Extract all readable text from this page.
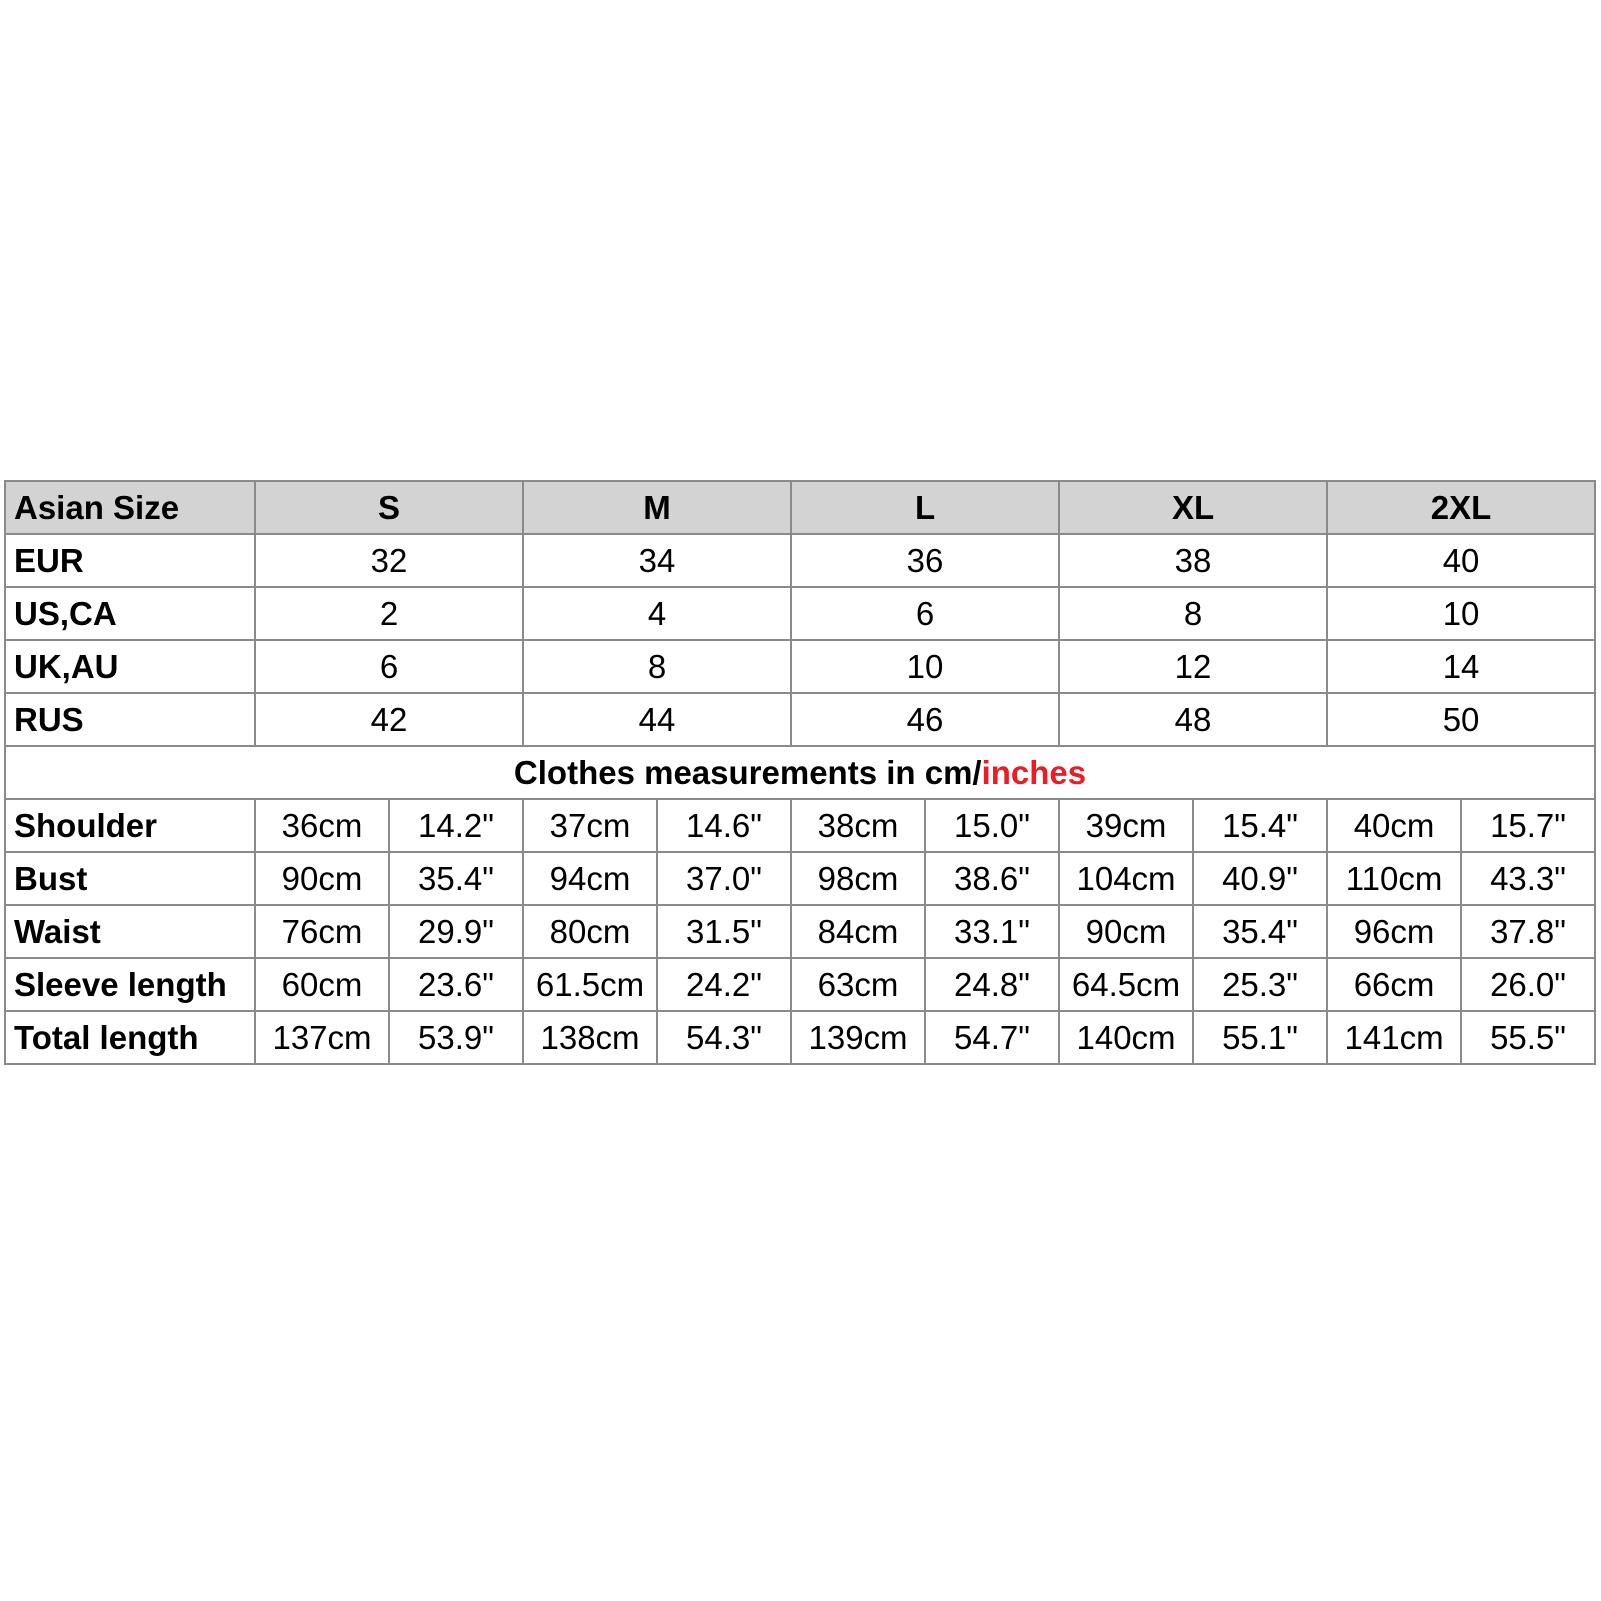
Asian Size	S		M		L		XL		2XL	
EUR	32		34		36		38		40	
US,CA	2		4		6		8		10	
UK,AU	6		8		10		12		14	
RUS	42		44		46		48		50	
Clothes measurements in cm/inches										
Shoulder	36cm	14.2"	37cm	14.6"	38cm	15.0"	39cm	15.4"	40cm	15.7"
Bust	90cm	35.4"	94cm	37.0"	98cm	38.6"	104cm	40.9"	110cm	43.3"
Waist	76cm	29.9"	80cm	31.5"	84cm	33.1"	90cm	35.4"	96cm	37.8"
Sleeve length	60cm	23.6"	61.5cm	24.2"	63cm	24.8"	64.5cm	25.3"	66cm	26.0"
Total length	137cm	53.9"	138cm	54.3"	139cm	54.7"	140cm	55.1"	141cm	55.5"
